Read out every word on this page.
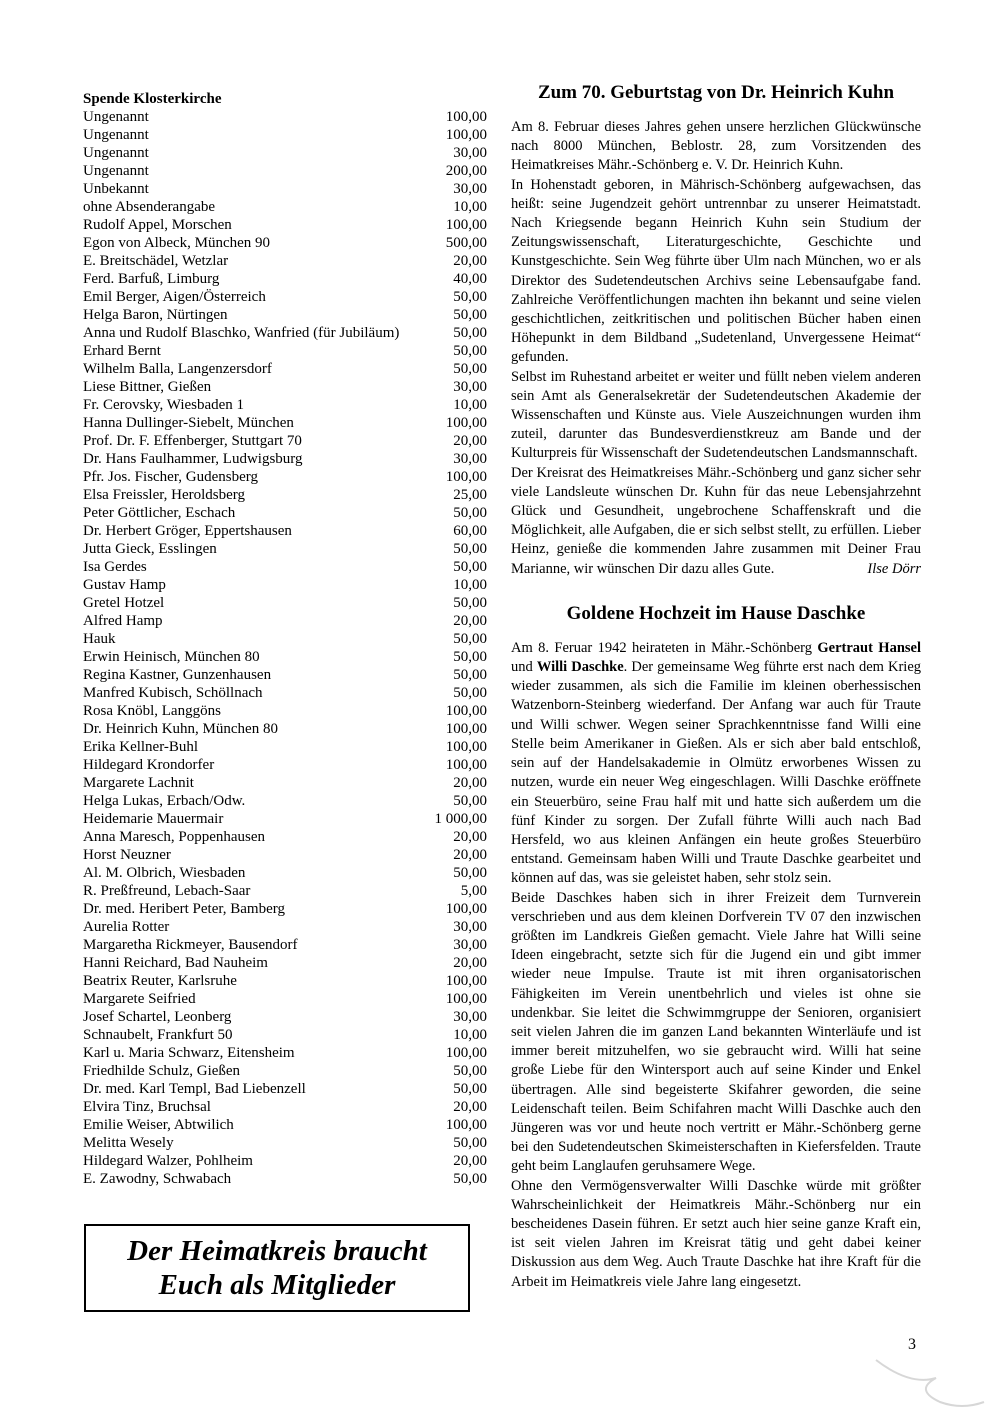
Spende Klosterkirche
Ungenannt	100,00
Ungenannt	100,00
Ungenannt	30,00
Ungenannt	200,00
Unbekannt	30,00
ohne Absenderangabe	10,00
Rudolf Appel, Morschen	100,00
Egon von Albeck, München 90	500,00
E. Breitschädel, Wetzlar	20,00
Ferd. Barfuß, Limburg	40,00
Emil Berger, Aigen/Österreich	50,00
Helga Baron, Nürtingen	50,00
Anna und Rudolf Blaschko, Wanfried (für Jubiläum)	50,00
Erhard Bernt	50,00
Wilhelm Balla, Langenzersdorf	50,00
Liese Bittner, Gießen	30,00
Fr. Cerovsky, Wiesbaden 1	10,00
Hanna Dullinger-Siebelt, München	100,00
Prof. Dr. F. Effenberger, Stuttgart 70	20,00
Dr. Hans Faulhammer, Ludwigsburg	30,00
Pfr. Jos. Fischer, Gudensberg	100,00
Elsa Freissler, Heroldsberg	25,00
Peter Göttlicher, Eschach	50,00
Dr. Herbert Gröger, Eppertshausen	60,00
Jutta Gieck, Esslingen	50,00
Isa Gerdes	50,00
Gustav Hamp	10,00
Gretel Hotzel	50,00
Alfred Hamp	20,00
Hauk	50,00
Erwin Heinisch, München 80	50,00
Regina Kastner, Gunzenhausen	50,00
Manfred Kubisch, Schöllnach	50,00
Rosa Knöbl, Langgöns	100,00
Dr. Heinrich Kuhn, München 80	100,00
Erika Kellner-Buhl	100,00
Hildegard Krondorfer	100,00
Margarete Lachnit	20,00
Helga Lukas, Erbach/Odw.	50,00
Heidemarie Mauermair	1 000,00
Anna Maresch, Poppenhausen	20,00
Horst Neuzner	20,00
Al. M. Olbrich, Wiesbaden	50,00
R. Preßfreund, Lebach-Saar	5,00
Dr. med. Heribert Peter, Bamberg	100,00
Aurelia Rotter	30,00
Margaretha Rickmeyer, Bausendorf	30,00
Hanni Reichard, Bad Nauheim	20,00
Beatrix Reuter, Karlsruhe	100,00
Margarete Seifried	100,00
Josef Schartel, Leonberg	30,00
Schnaubelt, Frankfurt 50	10,00
Karl u. Maria Schwarz, Eitensheim	100,00
Friedhilde Schulz, Gießen	50,00
Dr. med. Karl Templ, Bad Liebenzell	50,00
Elvira Tinz, Bruchsal	20,00
Emilie Weiser, Abtwilich	100,00
Melitta Wesely	50,00
Hildegard Walzer, Pohlheim	20,00
E. Zawodny, Schwabach	50,00
Der Heimatkreis braucht
Euch als Mitglieder
Zum 70. Geburtstag von Dr. Heinrich Kuhn

Am 8. Februar dieses Jahres gehen unsere herzlichen Glückwünsche nach 8000 München, Beblostr. 28, zum Vorsitzenden des Heimatkreises Mähr.-Schönberg e. V. Dr. Heinrich Kuhn.

In Hohenstadt geboren, in Mährisch-Schönberg aufgewachsen, das heißt: seine Jugendzeit gehört untrennbar zu unserer Heimatstadt. Nach Kriegsende begann Heinrich Kuhn sein Studium der Zeitungswissenschaft, Literaturgeschichte, Geschichte und Kunstgeschichte. Sein Weg führte über Ulm nach München, wo er als Direktor des Sudetendeutschen Archivs seine Lebensaufgabe fand. Zahlreiche Veröffentlichungen machten ihn bekannt und seine vielen geschichtlichen, zeitkritischen und politischen Bücher haben einen Höhepunkt in dem Bildband „Sudetenland, Unvergessene Heimat“ gefunden.

Selbst im Ruhestand arbeitet er weiter und füllt neben vielem anderen sein Amt als Generalsekretär der Sudetendeutschen Akademie der Wissenschaften und Künste aus. Viele Auszeichnungen wurden ihm zuteil, darunter das Bundesverdienstkreuz am Bande und der Kulturpreis für Wissenschaft der Sudetendeutschen Landsmannschaft.

Der Kreisrat des Heimatkreises Mähr.-Schönberg und ganz sicher sehr viele Landsleute wünschen Dr. Kuhn für das neue Lebensjahrzehnt Glück und Gesundheit, ungebrochene Schaffenskraft und die Möglichkeit, alle Aufgaben, die er sich selbst stellt, zu erfüllen. Lieber Heinz, genieße die kommenden Jahre zusammen mit Deiner Frau Marianne, wir wünschen Dir dazu alles Gute.	Ilse Dörr

Goldene Hochzeit im Hause Daschke

Am 8. Feruar 1942 heirateten in Mähr.-Schönberg Gertraut Hansel und Willi Daschke. Der gemeinsame Weg führte erst nach dem Krieg wieder zusammen, als sich die Familie im kleinen oberhessischen Watzenborn-Steinberg wiederfand. Der Anfang war auch für Traute und Willi schwer. Wegen seiner Sprachkenntnisse fand Willi eine Stelle beim Amerikaner in Gießen. Als er sich aber bald entschloß, sein auf der Handelsakademie in Olmütz erworbenes Wissen zu nutzen, wurde ein neuer Weg eingeschlagen. Willi Daschke eröffnete ein Steuerbüro, seine Frau half mit und hatte sich außerdem um die fünf Kinder zu sorgen. Der Zufall führte Willi auch nach Bad Hersfeld, wo aus kleinen Anfängen ein heute großes Steuerbüro entstand. Gemeinsam haben Willi und Traute Daschke gearbeitet und können auf das, was sie geleistet haben, sehr stolz sein.

Beide Daschkes haben sich in ihrer Freizeit dem Turnverein verschrieben und aus dem kleinen Dorfverein TV 07 den inzwischen größten im Landkreis Gießen gemacht. Viele Jahre hat Willi seine Ideen eingebracht, setzte sich für die Jugend ein und gibt immer wieder neue Impulse. Traute ist mit ihren organisatorischen Fähigkeiten im Verein unentbehrlich und vieles ist ohne sie undenkbar. Sie leitet die Schwimmgruppe der Senioren, organisiert seit vielen Jahren die im ganzen Land bekannten Winterläufe und ist immer bereit mitzuhelfen, wo sie gebraucht wird. Willi hat seine große Liebe für den Wintersport auch auf seine Kinder und Enkel übertragen. Alle sind begeisterte Skifahrer geworden, die seine Leidenschaft teilen. Beim Schifahren macht Willi Daschke auch den Jüngeren was vor und heute noch vertritt er Mähr.-Schönberg gerne bei den Sudetendeutschen Skimeisterschaften in Kiefersfelden. Traute geht beim Langlaufen geruhsamere Wege.

Ohne den Vermögensverwalter Willi Daschke würde mit größter Wahrscheinlichkeit der Heimatkreis Mähr.-Schönberg nur ein bescheidenes Dasein führen. Er setzt auch hier seine ganze Kraft ein, ist seit vielen Jahren im Kreisrat tätig und geht dabei keiner Diskussion aus dem Weg. Auch Traute Daschke hat ihre Kraft für die Arbeit im Heimatkreis viele Jahre lang eingesetzt.

3
